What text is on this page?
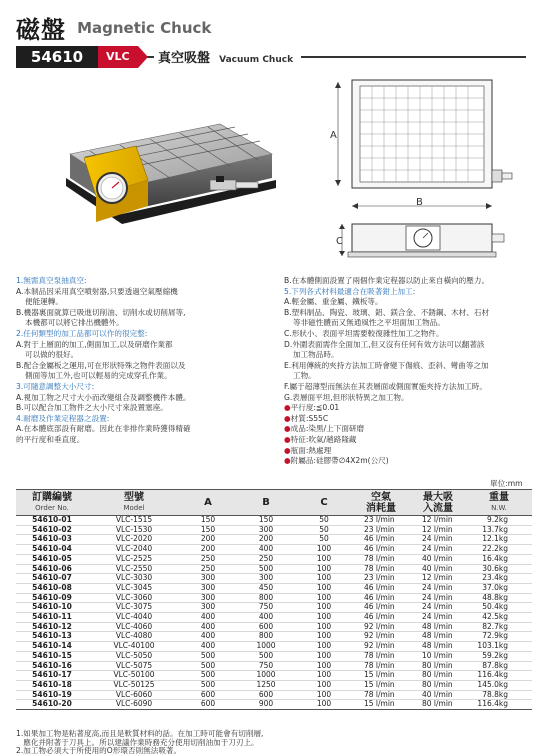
磁盤 Magnetic Chuck
54610	VLC	真空吸盤 Vacuum Chuck
A
B
C
1.無需真空泵抽真空:
A.本制品因采用真空噴射器,只要透過空氣壓縮機
便能運轉。
B.機器裏面就算已吸進切削油、切削水或切削屑等,
本機都可以將它排出機體外。
2.任何類型的加工品都可以作的很完整:
A.對于上層面的加工,側面加工,以及研磨作業都
可以做的很好。
B.配合金屬板之運用,可在形狀特殊之物件表面以及
側面等加工外,也可以輕易的完成穿孔作業。
3.可隨意調整大小尺寸:
A.視加工物之尺寸大小而改變組合及調整機件本體。
B.可以配合加工物件之大小尺寸來設置塞座。
4.耐磨及作業定程器之設置:
A.在本體底部設有耐磨。因此在非排作業時獲得精確
的平行度和垂直度。
B.在本體側面設置了兩個作業定程器以防止來自橫向的壓力。
5.下列各式材料最適合在吸著鉗上加工:
A.輕金屬、重金屬、鐵板等。
B.塑料制品、陶瓷、玻璃、鋁、鎂合金、不銹鋼、木材、石材
等非磁性體而又無通風性之平坦面加工物品。
C.形狀小、表面平坦需要較復雜性加工之物件。
D.外圍表面需作全面加工,但又沒有任何有效方法可以翻著該
加工物品時。
E.利用傳統的夾持方法加工時會變下傷痕、歪斜、彎曲等之加
工物。
F.屬于超薄型而無法在其表層面或側面實施夾持方法加工時。
G.表層面平坦,但形狀特異之加工物。
●平行度:≦0.01
●材質:S55C
●成品:染黑/上下面研磨
●特征:吹氣/趟路隆藏
●瓶面:熱處理
●附屬品:硅膠帶∅4X2m(公尺)
單位:mm
訂購編號
Order No.	型號
Model	A	B	C	空氣
消耗量	最大吸
入流量	重量
N.W.

54610-01	VLC-1515	150	150	50	23 l/min	12 l/min	9.2kg
54610-02	VLC-1530	150	300	50	23 l/min	12 l/min	13.7kg
54610-03	VLC-2020	200	200	50	46 l/min	24 l/min	12.1kg
54610-04	VLC-2040	200	400	100	46 l/min	24 l/min	22.2kg
54610-05	VLC-2525	250	250	100	78 l/min	40 l/min	16.4kg
54610-06	VLC-2550	250	500	100	78 l/min	40 l/min	30.6kg
54610-07	VLC-3030	300	300	100	23 l/min	12 l/min	23.4kg
54610-08	VLC-3045	300	450	100	46 l/min	24 l/min	37.0kg
54610-09	VLC-3060	300	800	100	46 l/min	24 l/min	48.8kg
54610-10	VLC-3075	300	750	100	46 l/min	24 l/min	50.4kg
54610-11	VLC-4040	400	400	100	46 l/min	24 l/min	42.5kg
54610-12	VLC-4060	400	600	100	92 l/min	48 l/min	82.7kg
54610-13	VLC-4080	400	800	100	92 l/min	48 l/min	72.9kg
54610-14	VLC-40100	400	1000	100	92 l/min	48 l/min	103.1kg
54610-15	VLC-5050	500	500	100	78 l/min	10 l/min	59.2kg
54610-16	VLC-5075	500	750	100	78 l/min	80 l/min	87.8kg
54610-17	VLC-50100	500	1000	100	15 l/min	80 l/min	116.4kg
54610-18	VLC-50125	500	1250	100	15 l/min	80 l/min	145.0kg
54610-19	VLC-6060	600	600	100	78 l/min	40 l/min	78.8kg
54610-20	VLC-6090	600	900	100	15 l/min	80 l/min	116.4kg
1.如果加工物是粘著度高,而且是軟質材料的話。在加工時可能會有切削層,
應化并附著于刀具上。所以建議作業時務充分使用切削油加于刀刃上。
2.加工物必須大于所使用的O形環否則無法吸著。
